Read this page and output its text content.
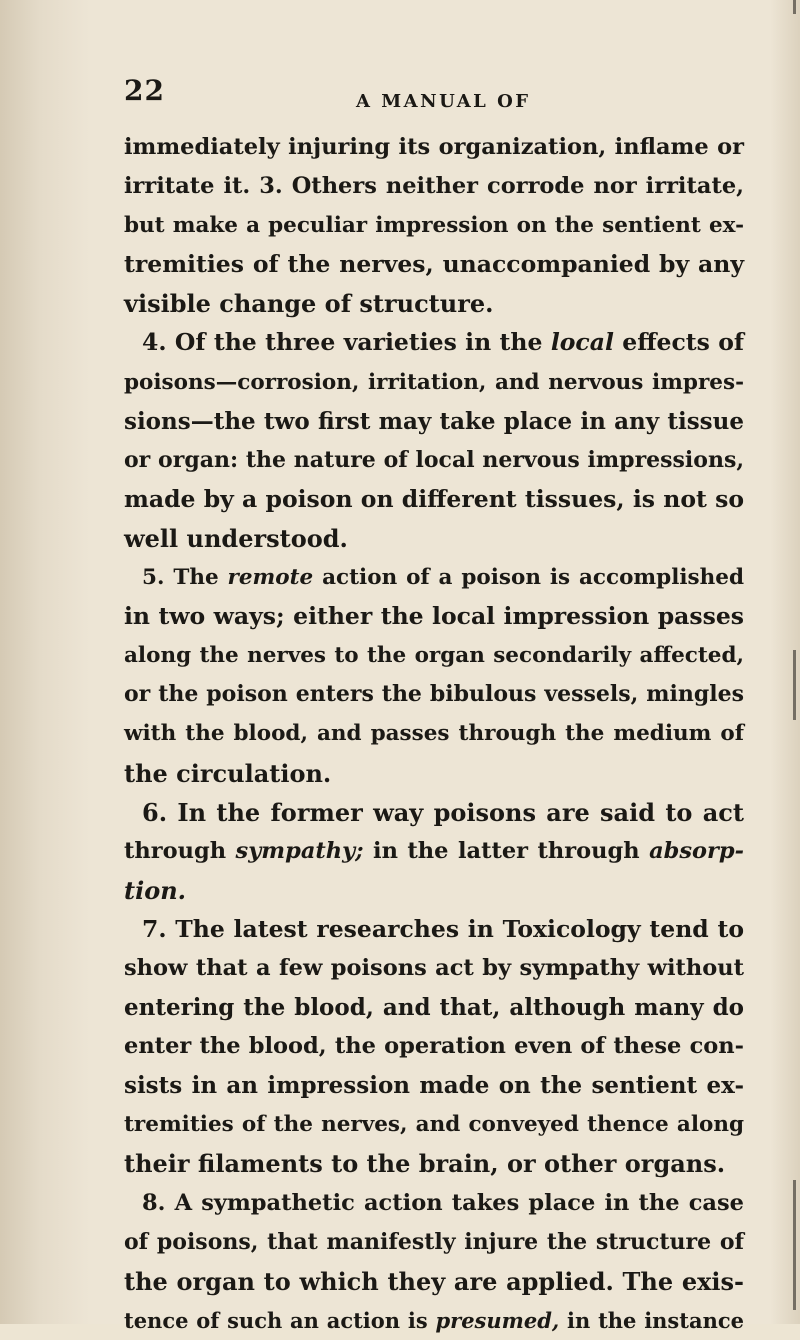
22	A MANUAL OF
immediately injuring its organization, inflame or
irritate it. 3. Others neither corrode nor irritate,
but make a peculiar impression on the sentient ex-
tremities of the nerves, unaccompanied by any
visible change of structure.
4. Of the three varieties in the local effects of
poisons—corrosion, irritation, and nervous impres-
sions—the two first may take place in any tissue
or organ: the nature of local nervous impressions,
made by a poison on different tissues, is not so
well understood.
5. The remote action of a poison is accomplished
in two ways; either the local impression passes
along the nerves to the organ secondarily affected,
or the poison enters the bibulous vessels, mingles
with the blood, and passes through the medium of
the circulation.
6. In the former way poisons are said to act
through sympathy; in the latter through absorp-
tion.
7. The latest researches in Toxicology tend to
show that a few poisons act by sympathy without
entering the blood, and that, although many do
enter the blood, the operation even of these con-
sists in an impression made on the sentient ex-
tremities of the nerves, and conveyed thence along
their filaments to the brain, or other organs.
8. A sympathetic action takes place in the case
of poisons, that manifestly injure the structure of
the organ to which they are applied. The exis-
tence of such an action is presumed, in the instance
